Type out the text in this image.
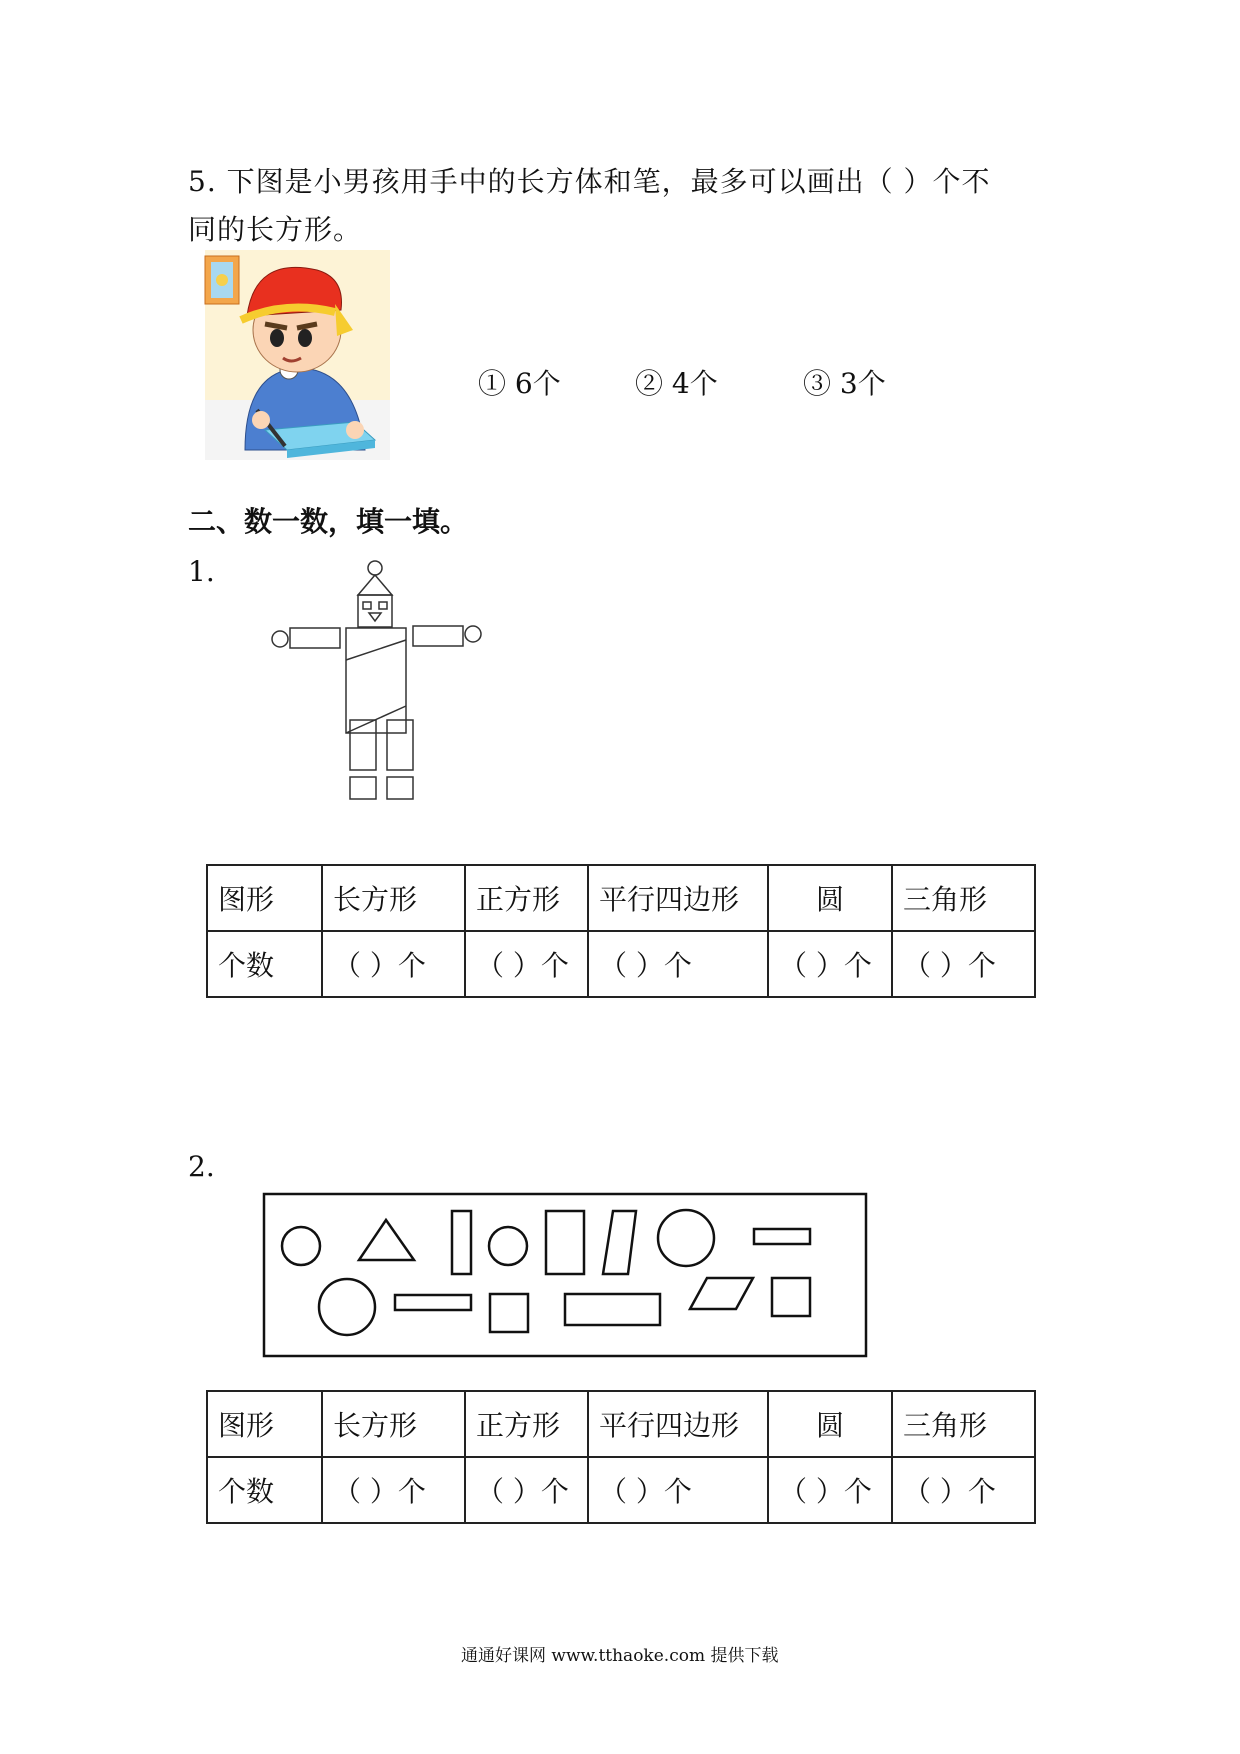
5. 下图是小男孩用手中的长方体和笔，最多可以画出（ ）个不
同的长方形。
① 6个	② 4个	③ 3个
二、数一数，填一填。
1.
图形	长方形	正方形	平行四边形	圆	三角形
个数	（ ）个	（ ）个	（ ）个	（ ）个	（ ）个
2.
图形	长方形	正方形	平行四边形	圆	三角形
个数	（ ）个	（ ）个	（ ）个	（ ）个	（ ）个
通通好课网 www.tthaoke.com 提供下载
